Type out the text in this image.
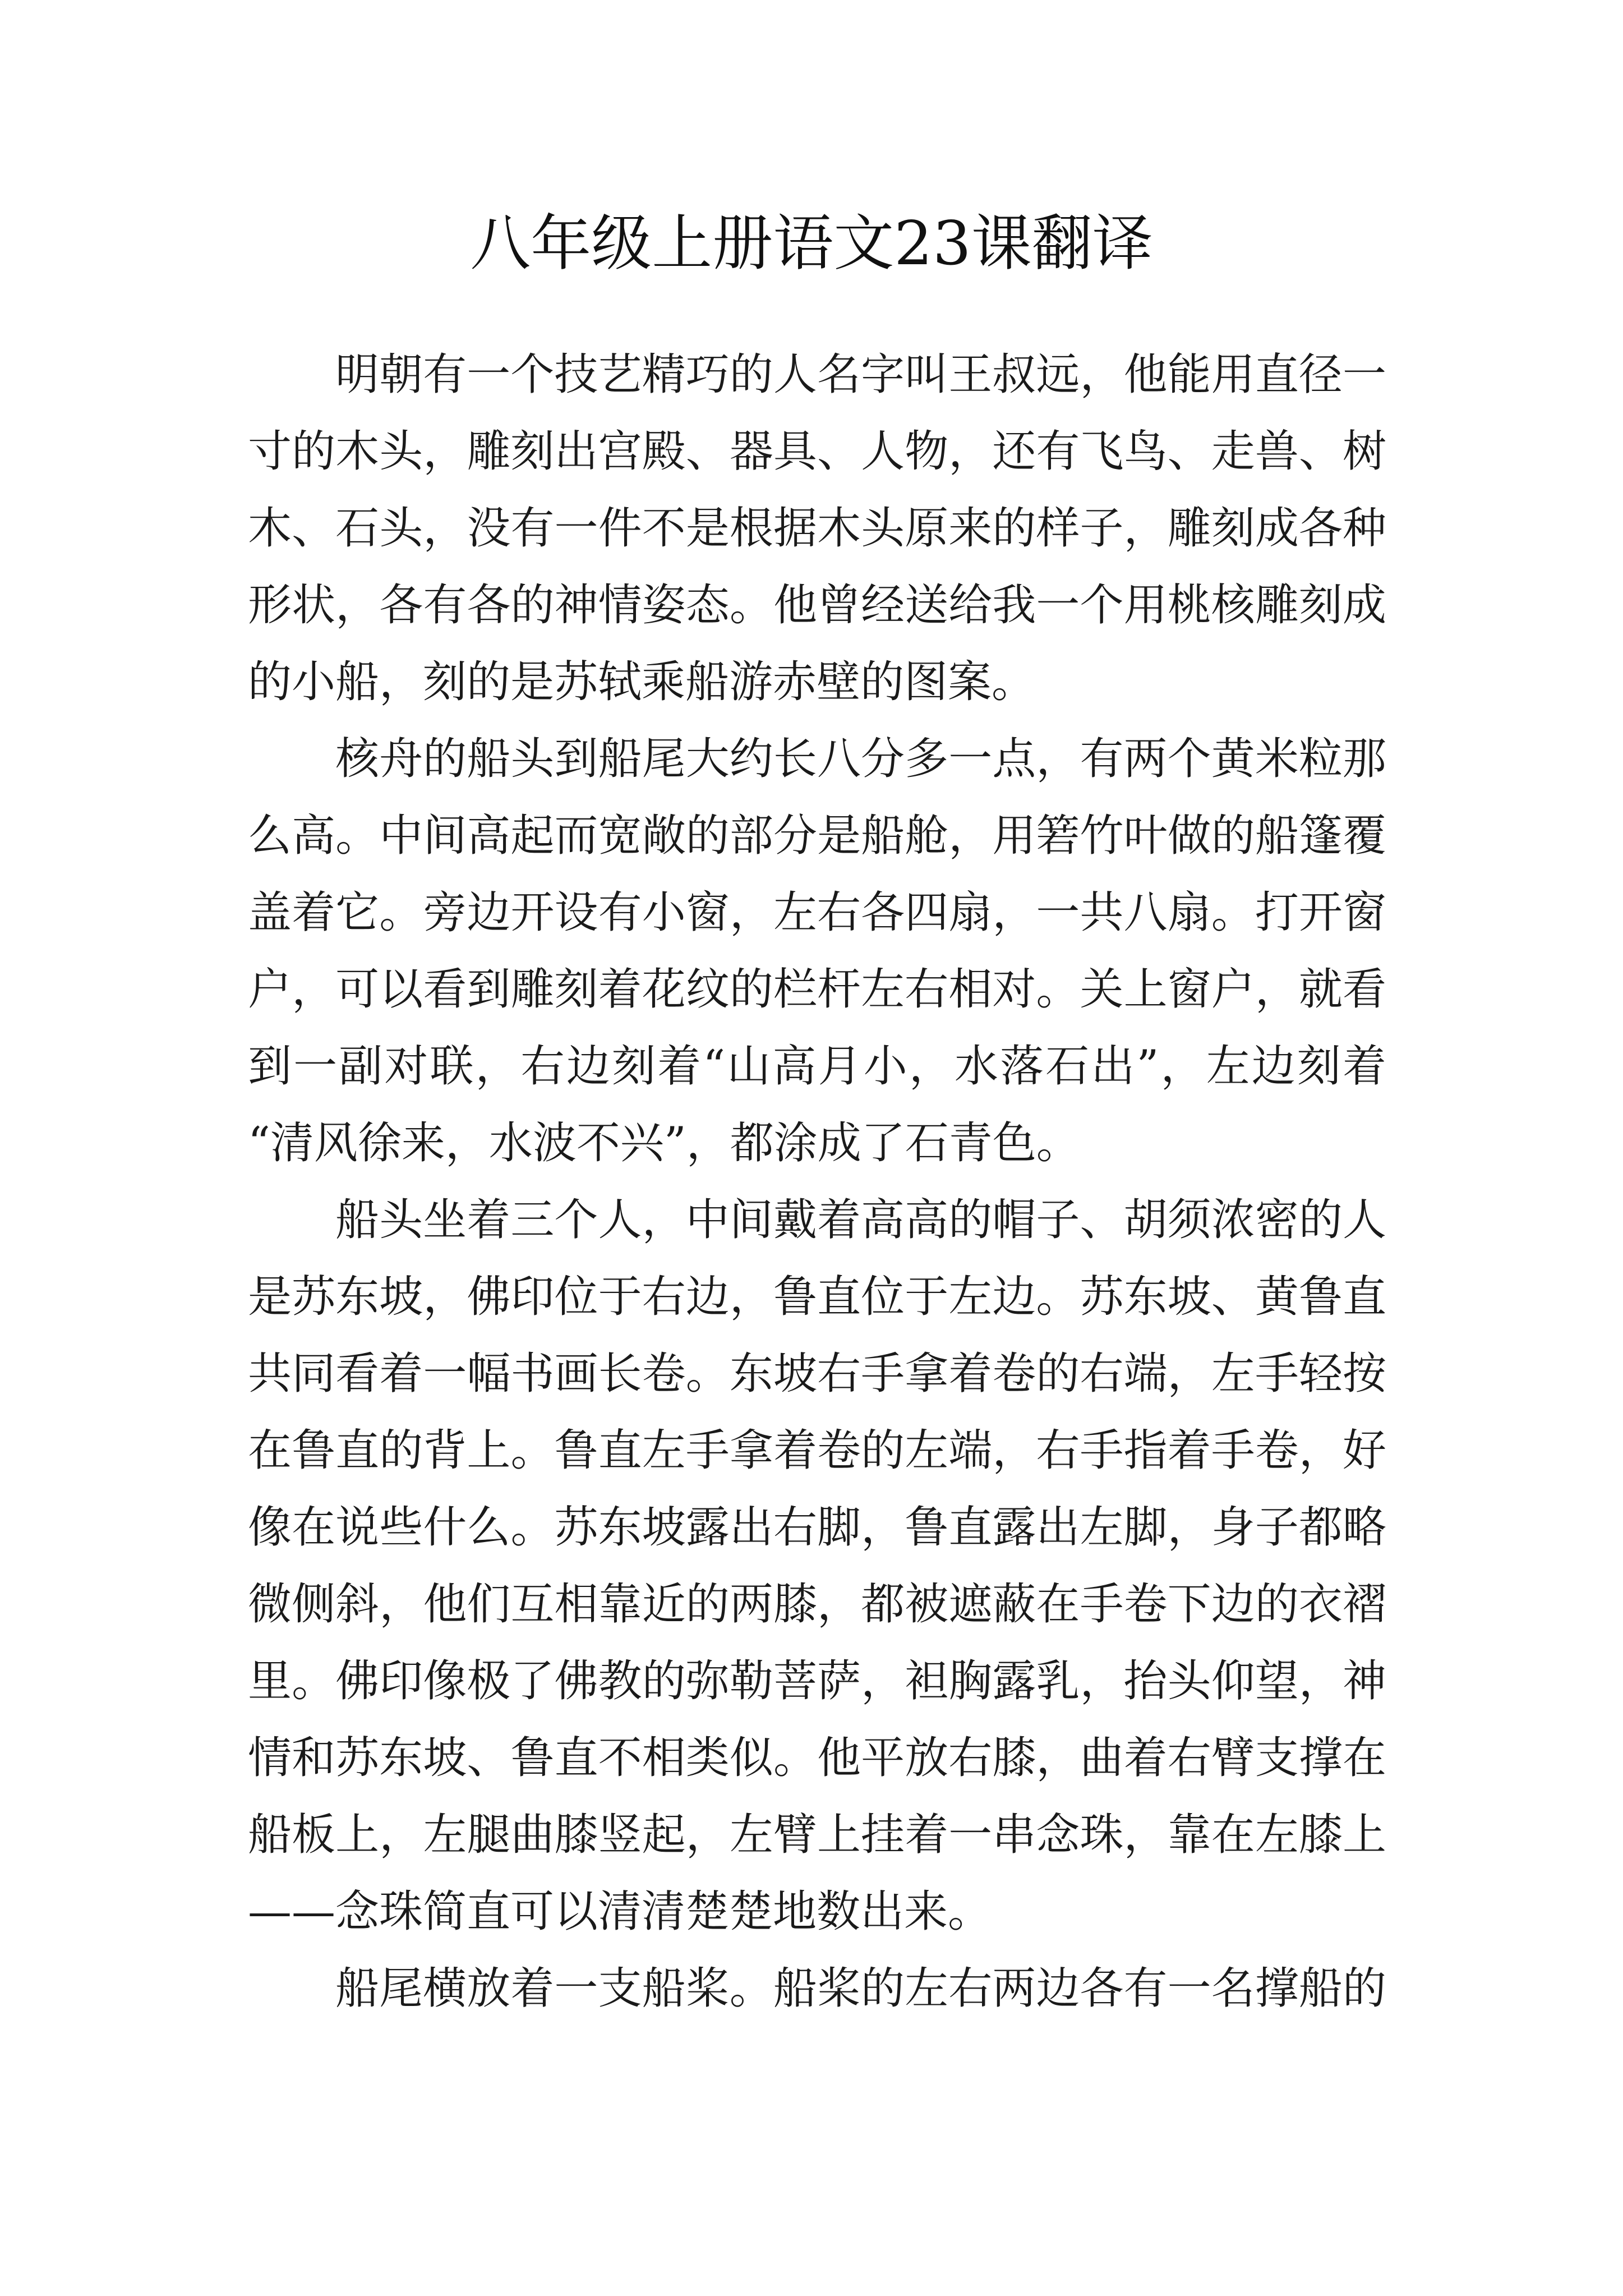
八年级上册语文23课翻译
明朝有一个技艺精巧的人名字叫王叔远，他能用直径一
寸的木头，雕刻出宫殿、器具、人物，还有飞鸟、走兽、树
木、石头，没有一件不是根据木头原来的样子，雕刻成各种
形状，各有各的神情姿态。他曾经送给我一个用桃核雕刻成
的小船，刻的是苏轼乘船游赤壁的图案。
核舟的船头到船尾大约长八分多一点，有两个黄米粒那
么高。中间高起而宽敞的部分是船舱，用箬竹叶做的船篷覆
盖着它。旁边开设有小窗，左右各四扇，一共八扇。打开窗
户，可以看到雕刻着花纹的栏杆左右相对。关上窗户，就看
到一副对联，右边刻着“山高月小，水落石出”，左边刻着
“清风徐来，水波不兴”，都涂成了石青色。
船头坐着三个人，中间戴着高高的帽子、胡须浓密的人
是苏东坡，佛印位于右边，鲁直位于左边。苏东坡、黄鲁直
共同看着一幅书画长卷。东坡右手拿着卷的右端，左手轻按
在鲁直的背上。鲁直左手拿着卷的左端，右手指着手卷，好
像在说些什么。苏东坡露出右脚，鲁直露出左脚，身子都略
微侧斜，他们互相靠近的两膝，都被遮蔽在手卷下边的衣褶
里。佛印像极了佛教的弥勒菩萨，袒胸露乳，抬头仰望，神
情和苏东坡、鲁直不相类似。他平放右膝，曲着右臂支撑在
船板上，左腿曲膝竖起，左臂上挂着一串念珠，靠在左膝上
——念珠简直可以清清楚楚地数出来。
船尾横放着一支船桨。船桨的左右两边各有一名撑船的
